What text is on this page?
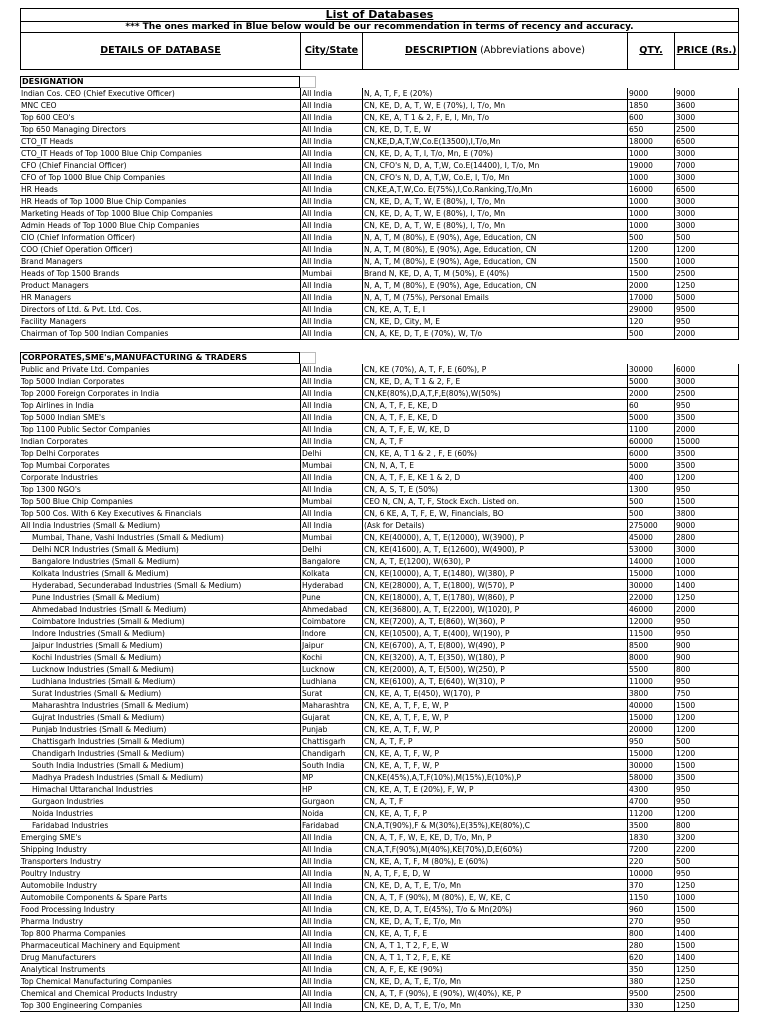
List of Databases
*** The ones marked in Blue below would be our recommendation in terms of recency and accuracy.
DETAILS OF DATABASE	City/State	DESCRIPTION (Abbreviations above)	QTY.	PRICE (Rs.)
DESIGNATION
Indian Cos. CEO (Chief Executive Officer)	All India	N, A, T, F, E (20%)	9000	9000
MNC CEO	All India	CN, KE, D, A, T, W, E (70%), I, T/o, Mn	1850	3600
Top 600 CEO's	All India	CN, KE, A, T 1 & 2, F, E, I, Mn, T/o	600	3000
Top 650 Managing Directors	All India	CN, KE, D, T, E, W	650	2500
CTO_IT Heads	All India	CN,KE,D,A,T,W,Co.E(13500),I,T/o,Mn	18000	6500
CTO_IT Heads of Top 1000 Blue Chip Companies	All India	CN, KE, D, A, T, I, T/o, Mn, E (70%)	1000	3000
CFO (Chief Financial Officer)	All India	CN, CFO's N, D, A, T,W, Co.E(14400), I, T/o, Mn	19000	7000
CFO of Top 1000 Blue Chip Companies	All India	CN, CFO's N, D, A, T,W, Co.E, I, T/o, Mn	1000	3000
HR Heads	All India	CN,KE,A,T,W,Co. E(75%),I,Co.Ranking,T/o,Mn	16000	6500
HR Heads of Top 1000 Blue Chip Companies	All India	CN, KE, D, A, T, W, E (80%), I, T/o, Mn	1000	3000
Marketing Heads of Top 1000 Blue Chip Companies	All India	CN, KE, D, A, T, W, E (80%), I, T/o, Mn	1000	3000
Admin Heads of Top 1000 Blue Chip Companies	All India	CN, KE, D, A, T, W, E (80%), I, T/o, Mn	1000	3000
CIO (Chief Information Officer)	All India	N, A, T, M (80%), E (90%), Age, Education, CN	500	500
COO (Chief Operation Officer)	All India	N, A, T, M (80%), E (90%), Age, Education, CN	1200	1200
Brand Managers	All India	N, A, T, M (80%), E (90%), Age, Education, CN	1500	1000
Heads of Top 1500 Brands	Mumbai	Brand N, KE, D, A, T, M (50%), E (40%)	1500	2500
Product Managers	All India	N, A, T, M (80%), E (90%), Age, Education, CN	2000	1250
HR Managers	All India	N, A, T, M (75%), Personal Emails	17000	5000
Directors of Ltd. & Pvt. Ltd. Cos.	All India	CN, KE, A, T, E, I	29000	9500
Facility Managers	All India	CN, KE, D, City, M, E	120	950
Chairman of Top 500 Indian Companies	All India	CN, A, KE, D, T, E (70%), W, T/o	500	2000
CORPORATES,SME's,MANUFACTURING & TRADERS
Public and Private Ltd. Companies	All India	CN, KE (70%), A, T, F, E (60%), P	30000	6000
Top 5000 Indian Corporates	All India	CN, KE, D, A, T 1 & 2, F, E	5000	3000
Top 2000 Foreign Corporates in India	All India	CN,KE(80%),D,A,T,F,E(80%),W(50%)	2000	2500
Top Airlines in India	All India	CN, A, T, F, E, KE, D	60	950
Top 5000 Indian SME's	All India	CN, A, T, F, E, KE, D	5000	3500
Top 1100 Public Sector Companies	All India	CN, A, T, F, E, W, KE, D	1100	2000
Indian Corporates	All India	CN, A, T, F	60000	15000
Top Delhi Corporates	Delhi	CN, KE, A, T 1 & 2 , F, E (60%)	6000	3500
Top Mumbai Corporates	Mumbai	CN, N, A, T, E	5000	3500
Corporate Industries	All India	CN, A, T, F, E, KE 1 & 2, D	400	1200
Top 1300 NGO's	All India	CN, A, S, T, E (50%)	1300	950
Top 500 Blue Chip Companies	Mumbai	CEO N, CN, A, T, F, Stock Exch. Listed on.	500	1500
Top 500 Cos. With 6 Key Executives & Financials	All India	CN, 6 KE, A, T, F, E, W, Financials, BO	500	3800
All India Industries (Small & Medium)	All India	(Ask for Details)	275000	9000
Mumbai, Thane, Vashi Industries (Small & Medium)	Mumbai	CN, KE(40000), A, T, E(12000), W(3900), P	45000	2800
Delhi NCR Industries (Small & Medium)	Delhi	CN, KE(41600), A, T, E(12600), W(4900), P	53000	3000
Bangalore Industries (Small & Medium)	Bangalore	CN, A, T, E(1200), W(630), P	14000	1000
Kolkata Industries (Small & Medium)	Kolkata	CN, KE(10000), A, T, E(1480), W(380), P	15000	1000
Hyderabad, Secunderabad Industries (Small & Medium)	Hyderabad	CN, KE(28000), A, T, E(1800), W(570), P	30000	1400
Pune Industries (Small & Medium)	Pune	CN, KE(18000), A, T, E(1780), W(860), P	22000	1250
Ahmedabad Industries (Small & Medium)	Ahmedabad	CN, KE(36800), A, T, E(2200), W(1020), P	46000	2000
Coimbatore Industries (Small & Medium)	Coimbatore	CN, KE(7200), A, T, E(860), W(360), P	12000	950
Indore Industries (Small & Medium)	Indore	CN, KE(10500), A, T, E(400), W(190), P	11500	950
Jaipur Industries (Small & Medium)	Jaipur	CN, KE(6700), A, T, E(800), W(490), P	8500	900
Kochi Industries (Small & Medium)	Kochi	CN, KE(3200), A, T, E(350), W(180), P	8000	900
Lucknow Industries (Small & Medium)	Lucknow	CN, KE(2000), A, T, E(500), W(250), P	5500	800
Ludhiana Industries (Small & Medium)	Ludhiana	CN, KE(6100), A, T, E(640), W(310), P	11000	950
Surat Industries (Small & Medium)	Surat	CN, KE, A, T, E(450), W(170), P	3800	750
Maharashtra Industries (Small & Medium)	Maharashtra	CN, KE, A, T, F, E, W, P	40000	1500
Gujrat Industries (Small & Medium)	Gujarat	CN, KE, A, T, F, E, W, P	15000	1200
Punjab Industries (Small & Medium)	Punjab	CN, KE, A, T, F, W, P	20000	1200
Chattisgarh Industries (Small & Medium)	Chattisgarh	CN, A, T, F, P	950	500
Chandigarh Industries (Small & Medium)	Chandigarh	CN, KE, A, T, F, W, P	15000	1200
South India Industries (Small & Medium)	South India	CN, KE, A, T, F, W, P	30000	1500
Madhya Pradesh Industries (Small & Medium)	MP	CN,KE(45%),A,T,F(10%),M(15%),E(10%),P	58000	3500
Himachal Uttaranchal Industries	HP	CN, KE, A, T, E (20%), F, W, P	4300	950
Gurgaon Industries	Gurgaon	CN, A, T, F	4700	950
Noida Industries	Noida	CN, KE, A, T, F, P	11200	1200
Faridabad Industries	Faridabad	CN,A,T(90%),F & M(30%),E(35%),KE(80%),C	3500	800
Emerging SME's	All India	CN, A, T, F, W, E, KE, D, T/o, Mn, P	1830	3200
Shipping Industry	All India	CN,A,T,F(90%),M(40%),KE(70%),D,E(60%)	7200	2200
Transporters Industry	All India	CN, KE, A, T, F, M (80%), E (60%)	220	500
Poultry Industry	All India	N, A, T, F, E, D, W	10000	950
Automobile Industry	All India	CN, KE, D, A, T, E, T/o, Mn	370	1250
Automobile Components & Spare Parts	All India	CN, A, T, F (90%), M (80%), E, W, KE, C	1150	1000
Food Processing Industry	All India	CN, KE, D, A, T, E(45%), T/o & Mn(20%)	960	1500
Pharma Industry	All India	CN, KE, D, A, T, E, T/o, Mn	270	950
Top 800 Pharma Companies	All India	CN, KE, A, T, F, E	800	1400
Pharmaceutical Machinery and Equipment	All India	CN, A, T 1, T 2, F, E, W	280	1500
Drug Manufacturers	All India	CN, A, T 1, T 2, F, E, KE	620	1400
Analytical Instruments	All India	CN, A, F, E, KE (90%)	350	1250
Top Chemical Manufacturing Companies	All India	CN, KE, D, A, T, E, T/o, Mn	380	1250
Chemical and Chemical Products Industry	All India	CN, A, T, F (90%), E (90%), W(40%), KE, P	9500	2500
Top 300 Engineering Companies	All India	CN, KE, D, A, T, E, T/o, Mn	330	1250
